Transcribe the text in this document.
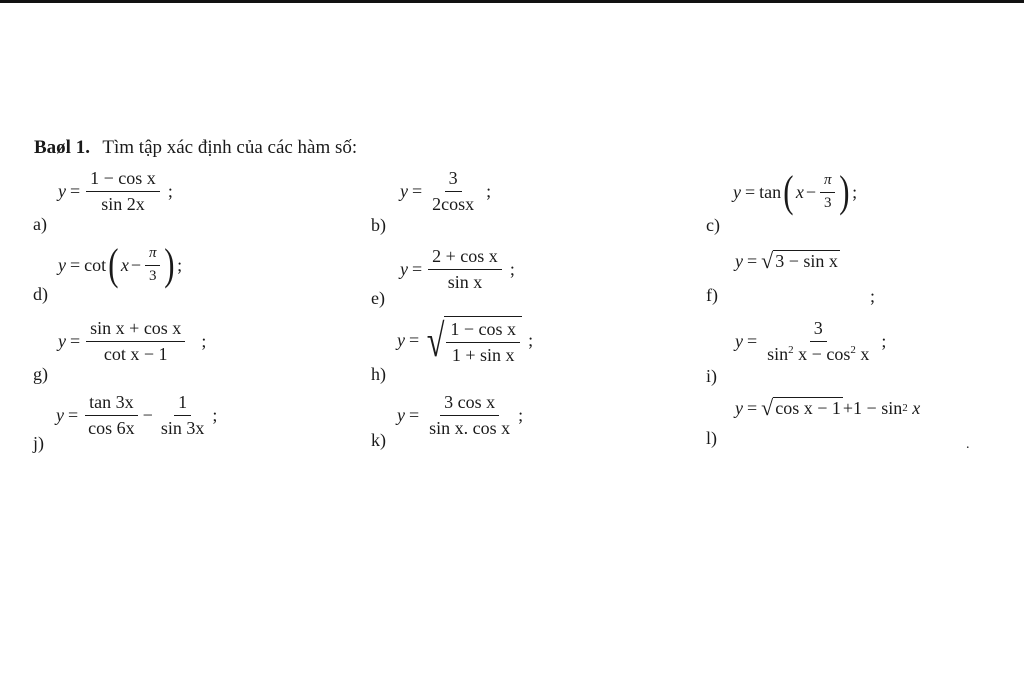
Baøl 1. Tìm tập xác định của các hàm số:
a)
$y = \frac{\text{1 − cos x}}{\sin 2x}$ ;
b)
$y = \frac{3}{2\cos x}$ ;
c)
y = tan ( $x - \frac{\pi}{3}$ ) ;
d)
y = cot ( $x - \frac{\pi}{3}$ ) ;
e)
$y = \frac{\text{2 + cos x}}{\text{sin x}}$ ;
f)
y = √ 3 − sin x
;
g)
$y = \frac{\text{sin x + cos x}}{\text{cot x − 1}}$ ;
h)
y = √ $\frac{\text{1 − cos x}}{\text{1 + sin x}}$ ;
i)
$y = \frac{3}{\sin^2 x - \cos^2 x}$ ;
j)
$y = \frac{\tan 3x}{\cos 6x} - \frac{1}{\sin 3x}$ ;
k)
$y = \frac{\text{3 cos x}}{\text{sin x. cos x}}$ ;
l)
y = √ cos x − 1 +1 − sin 2
x
.
